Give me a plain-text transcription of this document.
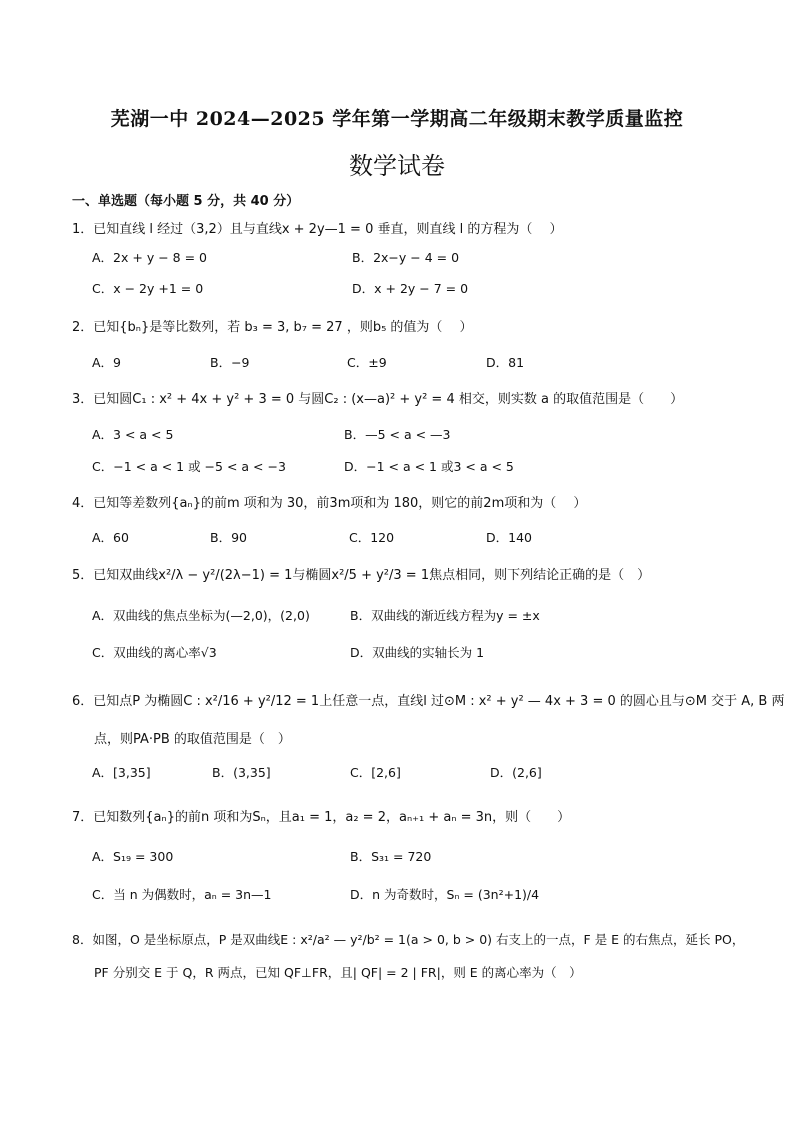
芜湖一中 2024—2025 学年第一学期高二年级期末教学质量监控
数学试卷
一、单选题（每小题 5 分，共 40 分）
1．已知直线 l 经过（3,2）且与直线x + 2y—1 = 0 垂直，则直线 l 的方程为（　 ）
A．2x + y − 8 = 0	B．2x−y − 4 = 0
C．x − 2y +1 = 0	D．x + 2y − 7 = 0
2．已知{bₙ}是等比数列，若 b₃ = 3, b₇ = 27 ，则b₅ 的值为（　 ）
A．9	B．−9	C．±9	D．81
3．已知圆C₁ : x² + 4x + y² + 3 = 0 与圆C₂ : (x—a)² + y² = 4 相交，则实数 a 的取值范围是（　　）
A．3 < a < 5	B．—5 < a < —3
C．−1 < a < 1 或 −5 < a < −3	D．−1 < a < 1 或3 < a < 5
4．已知等差数列{aₙ}的前m 项和为 30，前3m项和为 180，则它的前2m项和为（　 ）
A．60	B．90	C．120	D．140
5．已知双曲线x²/λ − y²/(2λ−1) = 1与椭圆x²/5 + y²/3 = 1焦点相同，则下列结论正确的是（　）
A．双曲线的焦点坐标为(—2,0)，(2,0)	B．双曲线的渐近线方程为y = ±x
C．双曲线的离心率√3	D．双曲线的实轴长为 1
6．已知点P 为椭圆C : x²/16 + y²/12 = 1上任意一点，直线l 过⊙M : x² + y² — 4x + 3 = 0 的圆心且与⊙M 交于 A, B 两
点，则PA·PB 的取值范围是（　）
A．[3,35]	B．(3,35]	C．[2,6]	D．(2,6]
7．已知数列{aₙ}的前n 项和为Sₙ，且a₁ = 1，a₂ = 2，aₙ₊₁ + aₙ = 3n，则（　　）
A．S₁₉ = 300	B．S₃₁ = 720
C．当 n 为偶数时，aₙ = 3n—1	D．n 为奇数时，Sₙ = (3n²+1)/4
8．如图，O 是坐标原点，P 是双曲线E : x²/a² — y²/b² = 1(a > 0, b > 0) 右支上的一点，F 是 E 的右焦点，延长 PO，
PF 分别交 E 于 Q，R 两点，已知 QF⊥FR，且| QF| = 2 | FR|，则 E 的离心率为（　）
